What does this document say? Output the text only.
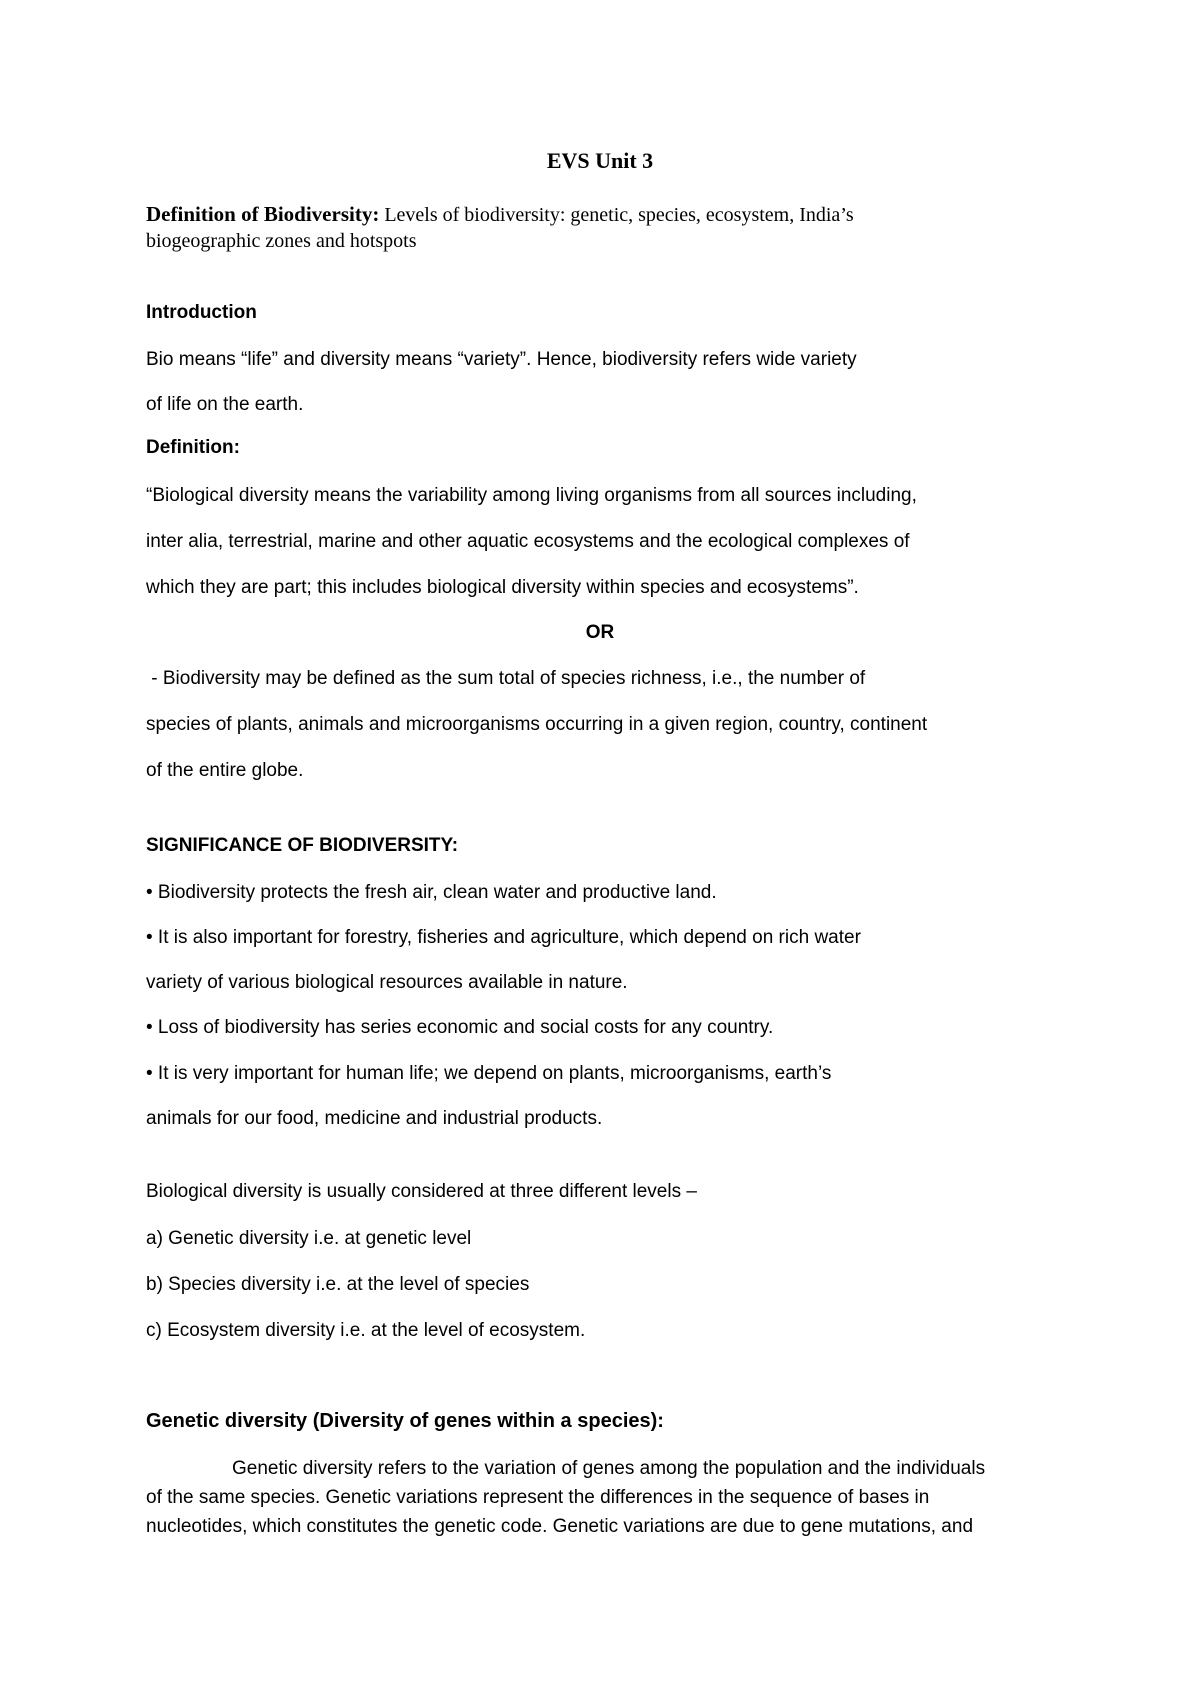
EVS Unit 3
Definition of Biodiversity: Levels of biodiversity: genetic, species, ecosystem, India’s
biogeographic zones and hotspots
Introduction
Bio means “life” and diversity means “variety”. Hence, biodiversity refers wide variety
of life on the earth.
Definition:
“Biological diversity means the variability among living organisms from all sources including,
inter alia, terrestrial, marine and other aquatic ecosystems and the ecological complexes of
which they are part; this includes biological diversity within species and ecosystems”.
OR
- Biodiversity may be defined as the sum total of species richness, i.e., the number of
species of plants, animals and microorganisms occurring in a given region, country, continent
of the entire globe.
SIGNIFICANCE OF BIODIVERSITY:
• Biodiversity protects the fresh air, clean water and productive land.
• It is also important for forestry, fisheries and agriculture, which depend on rich water
variety of various biological resources available in nature.
• Loss of biodiversity has series economic and social costs for any country.
• It is very important for human life; we depend on plants, microorganisms, earth’s
animals for our food, medicine and industrial products.
Biological diversity is usually considered at three different levels –
a) Genetic diversity i.e. at genetic level
b) Species diversity i.e. at the level of species
c) Ecosystem diversity i.e. at the level of ecosystem.
Genetic diversity (Diversity of genes within a species):
Genetic diversity refers to the variation of genes among the population and the individuals
of the same species. Genetic variations represent the differences in the sequence of bases in
nucleotides, which constitutes the genetic code. Genetic variations are due to gene mutations, and
